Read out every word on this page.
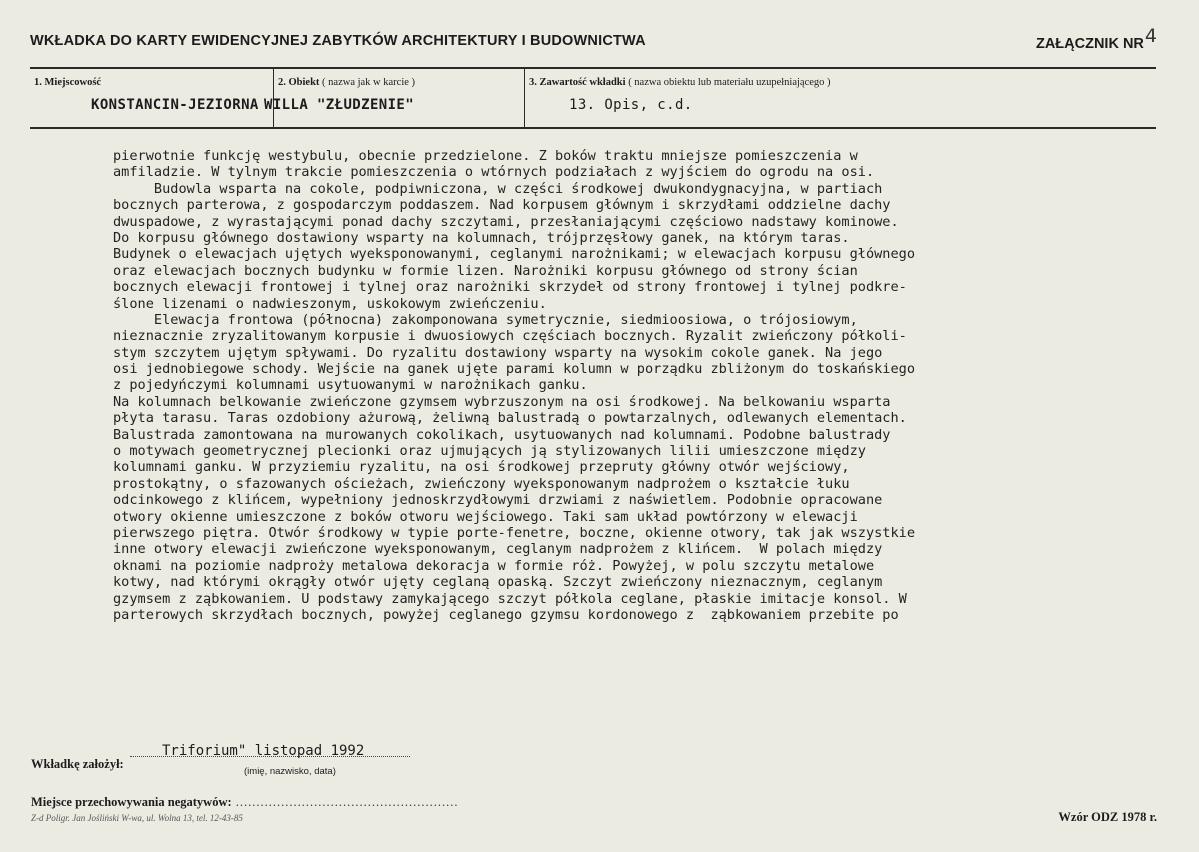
WKŁADKA DO KARTY EWIDENCYJNEJ ZABYTKÓW ARCHITEKTURY I BUDOWNICTWA	ZAŁĄCZNIK NR4
1. Miejscowość
KONSTANCIN-JEZIORNA
2. Obiekt ( nazwa jak w karcie )
WILLA "ZŁUDZENIE"
3. Zawartość wkładki ( nazwa obiektu lub materiału uzupełniającego )
13. Opis, c.d.
pierwotnie funkcję westybulu, obecnie przedzielone. Z boków traktu mniejsze pomieszczenia w
amfiladzie. W tylnym trakcie pomieszczenia o wtórnych podziałach z wyjściem do ogrodu na osi.
Budowla wsparta na cokole, podpiwniczona, w części środkowej dwukondygnacyjna, w partiach
bocznych parterowa, z gospodarczym poddaszem. Nad korpusem głównym i skrzydłami oddzielne dachy
dwuspadowe, z wyrastającymi ponad dachy szczytami, przesłaniającymi częściowo nadstawy kominowe.
Do korpusu głównego dostawiony wsparty na kolumnach, trójprzęsłowy ganek, na którym taras.
Budynek o elewacjach ujętych wyeksponowanymi, ceglanymi narożnikami; w elewacjach korpusu głównego
oraz elewacjach bocznych budynku w formie lizen. Narożniki korpusu głównego od strony ścian
bocznych elewacji frontowej i tylnej oraz narożniki skrzydeł od strony frontowej i tylnej podkre-
ślone lizenami o nadwieszonym, uskokowym zwieńczeniu.
Elewacja frontowa (północna) zakomponowana symetrycznie, siedmioosiowa, o trójosiowym,
nieznacznie zryzalitowanym korpusie i dwuosiowych częściach bocznych. Ryzalit zwieńczony półkoli-
stym szczytem ujętym spływami. Do ryzalitu dostawiony wsparty na wysokim cokole ganek. Na jego
osi jednobiegowe schody. Wejście na ganek ujęte parami kolumn w porządku zbliżonym do toskańskiego
z pojedyńczymi kolumnami usytuowanymi w narożnikach ganku.
Na kolumnach belkowanie zwieńczone gzymsem wybrzuszonym na osi środkowej. Na belkowaniu wsparta
płyta tarasu. Taras ozdobiony ażurową, żeliwną balustradą o powtarzalnych, odlewanych elementach.
Balustrada zamontowana na murowanych cokolikach, usytuowanych nad kolumnami. Podobne balustrady
o motywach geometrycznej plecionki oraz ujmujących ją stylizowanych lilii umieszczone między
kolumnami ganku. W przyziemiu ryzalitu, na osi środkowej przepruty główny otwór wejściowy,
prostokątny, o sfazowanych ościeżach, zwieńczony wyeksponowanym nadprożem o kształcie łuku
odcinkowego z klińcem, wypełniony jednoskrzydłowymi drzwiami z naświetlem. Podobnie opracowane
otwory okienne umieszczone z boków otworu wejściowego. Taki sam układ powtórzony w elewacji
pierwszego piętra. Otwór środkowy w typie porte-fenetre, boczne, okienne otwory, tak jak wszystkie
inne otwory elewacji zwieńczone wyeksponowanym, ceglanym nadprożem z klińcem.  W polach między
oknami na poziomie nadproży metalowa dekoracja w formie róż. Powyżej, w polu szczytu metalowe
kotwy, nad którymi okrągły otwór ujęty ceglaną opaską. Szczyt zwieńczony nieznacznym, ceglanym
gzymsem z ząbkowaniem. U podstawy zamykającego szczyt półkola ceglane, płaskie imitacje konsol. W
parterowych skrzydłach bocznych, powyżej ceglanego gzymsu kordonowego z  ząbkowaniem przebite po
Wkładkę założył:
Triforium" listopad 1992
(imię, nazwisko, data)
Miejsce przechowywania negatywów: ......................................................
Z-d Poligr. Jan Jośliński W-wa, ul. Wolna 13, tel. 12-43-85	Wzór ODZ 1978 r.
